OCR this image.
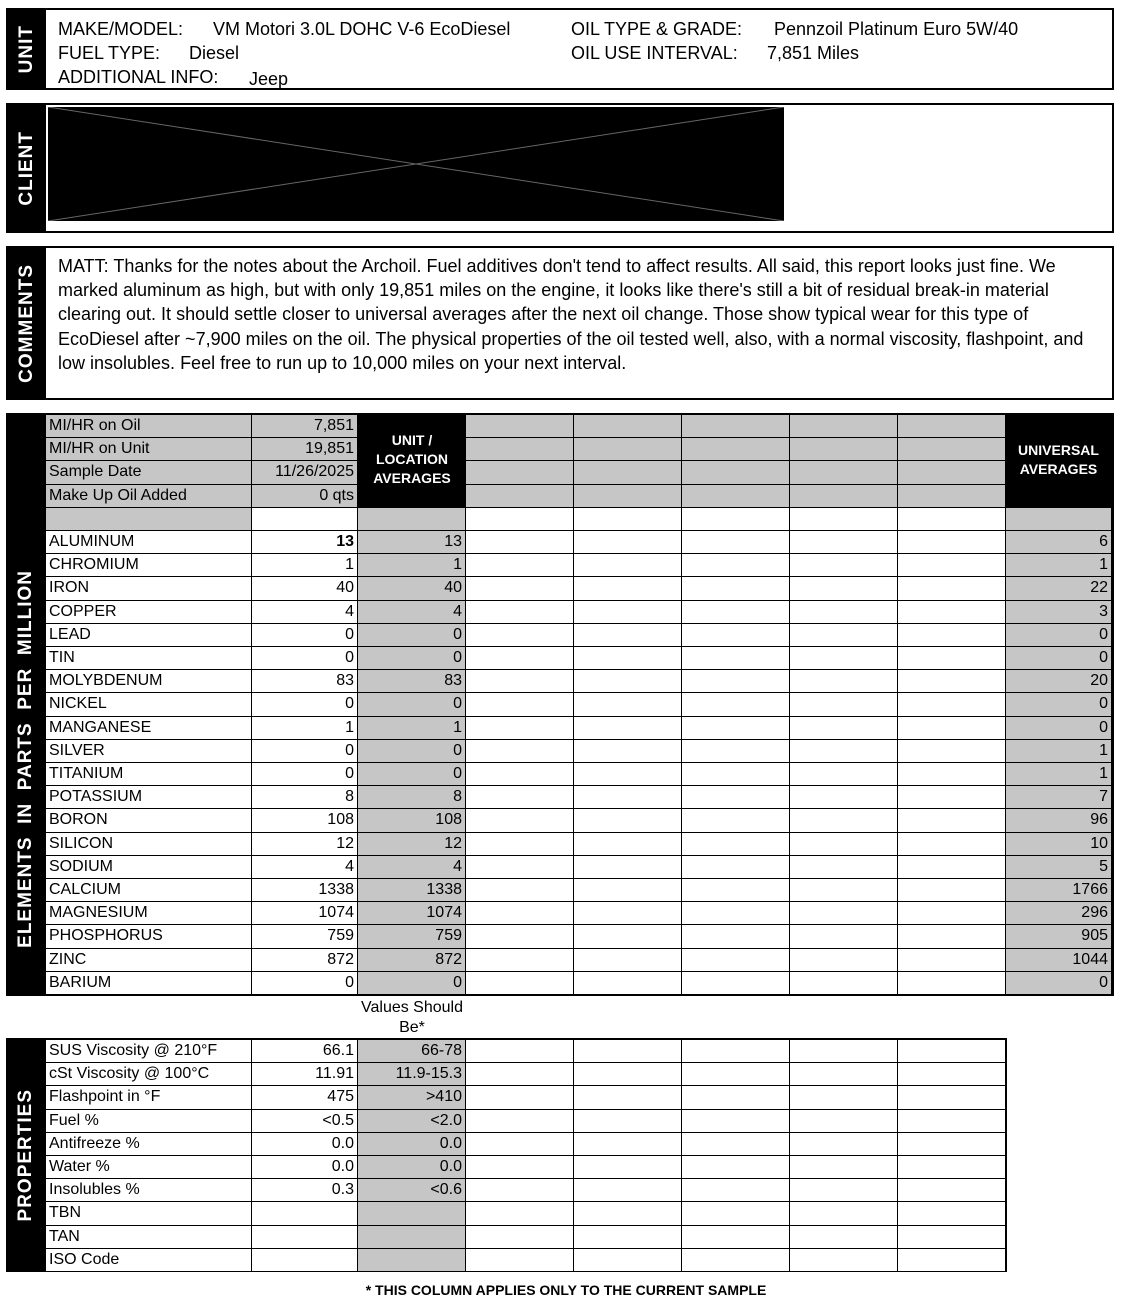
UNIT MAKE/MODEL: VM Motori 3.0L DOHC V-6 EcoDiesel
FUEL TYPE: Diesel
ADDITIONAL INFO: Jeep
OIL TYPE & GRADE: Pennzoil Platinum Euro 5W/40
OIL USE INTERVAL: 7,851 Miles
CLIENT
COMMENTS MATT: Thanks for the notes about the Archoil. Fuel additives don't tend to affect results. All said, this report looks just fine. We marked aluminum as high, but with only 19,851 miles on the engine, it looks like there's still a bit of residual break-in material clearing out. It should settle closer to universal averages after the next oil change. Those show typical wear for this type of EcoDiesel after ~7,900 miles on the oil. The physical properties of the oil tested well, also, with a normal viscosity, flashpoint, and low insolubles. Feel free to run up to 10,000 miles on your next interval.
ELEMENTS  IN  PARTS  PER  MILLION
UNIT / LOCATION AVERAGES
UNIVERSAL AVERAGES
MI/HR on Oil	7,851
MI/HR on Unit	19,851
Sample Date	11/26/2025
Make Up Oil Added	0 qts
ALUMINUM	13	13	6
CHROMIUM	1	1	1
IRON	40	40	22
COPPER	4	4	3
LEAD	0	0	0
TIN	0	0	0
MOLYBDENUM	83	83	20
NICKEL	0	0	0
MANGANESE	1	1	0
SILVER	0	0	1
TITANIUM	0	0	1
POTASSIUM	8	8	7
BORON	108	108	96
SILICON	12	12	10
SODIUM	4	4	5
CALCIUM	1338	1338	1766
MAGNESIUM	1074	1074	296
PHOSPHORUS	759	759	905
ZINC	872	872	1044
BARIUM	0	0	0
PROPERTIES
SUS Viscosity @ 210°F	66.1	66-78
cSt Viscosity @ 100°C	11.91	11.9-15.3
Flashpoint in °F	475	>410
Fuel %	<0.5	<2.0
Antifreeze %	0.0	0.0
Water %	0.0	0.0
Insolubles %	0.3	<0.6
TBN
TAN
ISO Code
Values Should Be*
* THIS COLUMN APPLIES ONLY TO THE CURRENT SAMPLE
